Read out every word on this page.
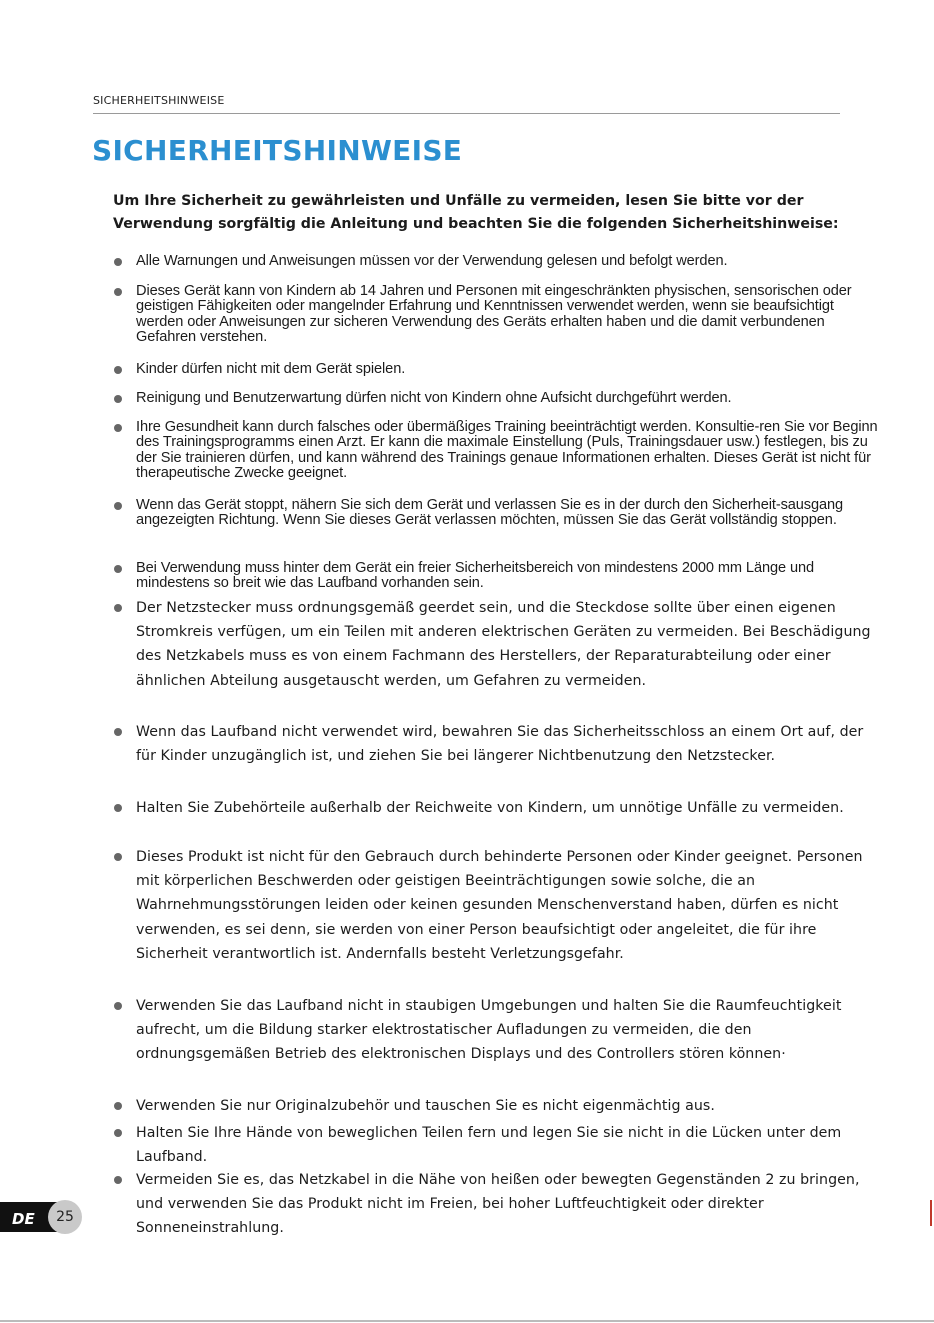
SICHERHEITSHINWEISE
SICHERHEITSHINWEISE

Um Ihre Sicherheit zu gewährleisten und Unfälle zu vermeiden, lesen Sie bitte vor der Verwendung sorgfältig die Anleitung und beachten Sie die folgenden Sicherheitshinweise:

Alle Warnungen und Anweisungen müssen vor der Verwendung gelesen und befolgt werden.
Dieses Gerät kann von Kindern ab 14 Jahren und Personen mit eingeschränkten physischen, sensorischen oder geistigen Fähigkeiten oder mangelnder Erfahrung und Kenntnissen verwendet werden, wenn sie beaufsichtigt werden oder Anweisungen zur sicheren Verwendung des Geräts erhalten haben und die damit verbundenen Gefahren verstehen.
Kinder dürfen nicht mit dem Gerät spielen.
Reinigung und Benutzerwartung dürfen nicht von Kindern ohne Aufsicht durchgeführt werden.
Ihre Gesundheit kann durch falsches oder übermäßiges Training beeinträchtigt werden. Konsultie-ren Sie vor Beginn des Trainingsprogramms einen Arzt. Er kann die maximale Einstellung (Puls, Trainingsdauer usw.) festlegen, bis zu der Sie trainieren dürfen, und kann während des Trainings genaue Informationen erhalten. Dieses Gerät ist nicht für therapeutische Zwecke geeignet.
Wenn das Gerät stoppt, nähern Sie sich dem Gerät und verlassen Sie es in der durch den Sicherheit-sausgang angezeigten Richtung. Wenn Sie dieses Gerät verlassen möchten, müssen Sie das Gerät vollständig stoppen.
Bei Verwendung muss hinter dem Gerät ein freier Sicherheitsbereich von mindestens 2000 mm Länge und mindestens so breit wie das Laufband vorhanden sein.
Der Netzstecker muss ordnungsgemäß geerdet sein, und die Steckdose sollte über einen eigenen Stromkreis verfügen, um ein Teilen mit anderen elektrischen Geräten zu vermeiden. Bei Beschädigung des Netzkabels muss es von einem Fachmann des Herstellers, der Reparaturabteilung oder einer ähnlichen Abteilung ausgetauscht werden, um Gefahren zu vermeiden.
Wenn das Laufband nicht verwendet wird, bewahren Sie das Sicherheitsschloss an einem Ort auf, der für Kinder unzugänglich ist, und ziehen Sie bei längerer Nichtbenutzung den Netzstecker.
Halten Sie Zubehörteile außerhalb der Reichweite von Kindern, um unnötige Unfälle zu vermeiden.
Dieses Produkt ist nicht für den Gebrauch durch behinderte Personen oder Kinder geeignet. Personen mit körperlichen Beschwerden oder geistigen Beeinträchtigungen sowie solche, die an Wahrnehmungsstörungen leiden oder keinen gesunden Menschenverstand haben, dürfen es nicht verwenden, es sei denn, sie werden von einer Person beaufsichtigt oder angeleitet, die für ihre Sicherheit verantwortlich ist. Andernfalls besteht Verletzungsgefahr.
Verwenden Sie das Laufband nicht in staubigen Umgebungen und halten Sie die Raumfeuchtigkeit aufrecht, um die Bildung starker elektrostatischer Aufladungen zu vermeiden, die den ordnungsgemäßen Betrieb des elektronischen Displays und des Controllers stören können·
Verwenden Sie nur Originalzubehör und tauschen Sie es nicht eigenmächtig aus.
Halten Sie Ihre Hände von beweglichen Teilen fern und legen Sie sie nicht in die Lücken unter dem Laufband.
Vermeiden Sie es, das Netzkabel in die Nähe von heißen oder bewegten Gegenständen 2 zu bringen, und verwenden Sie das Produkt nicht im Freien, bei hoher Luftfeuchtigkeit oder direkter Sonneneinstrahlung.
DE	25
